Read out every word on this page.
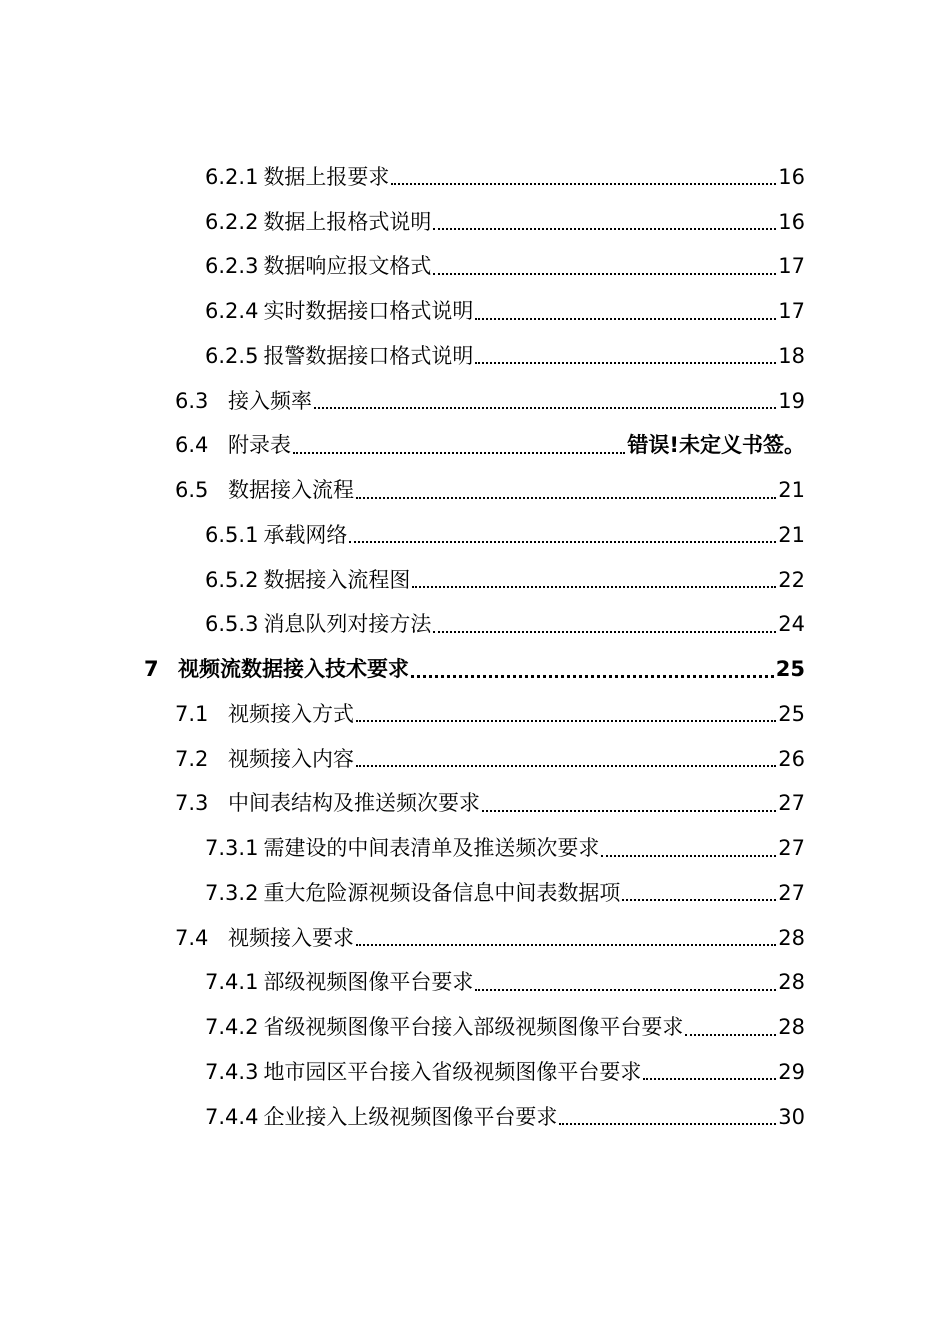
6.2.1 数据上报要求	16
6.2.2 数据上报格式说明	16
6.2.3 数据响应报文格式	17
6.2.4 实时数据接口格式说明	17
6.2.5 报警数据接口格式说明	18
6.3 接入频率	19
6.4 附录表	错误!未定义书签。
6.5 数据接入流程	21
6.5.1 承载网络	21
6.5.2 数据接入流程图	22
6.5.3 消息队列对接方法	24
7 视频流数据接入技术要求	25
7.1 视频接入方式	25
7.2 视频接入内容	26
7.3 中间表结构及推送频次要求	27
7.3.1 需建设的中间表清单及推送频次要求	27
7.3.2 重大危险源视频设备信息中间表数据项	27
7.4 视频接入要求	28
7.4.1 部级视频图像平台要求	28
7.4.2 省级视频图像平台接入部级视频图像平台要求	28
7.4.3 地市园区平台接入省级视频图像平台要求	29
7.4.4 企业接入上级视频图像平台要求	30
